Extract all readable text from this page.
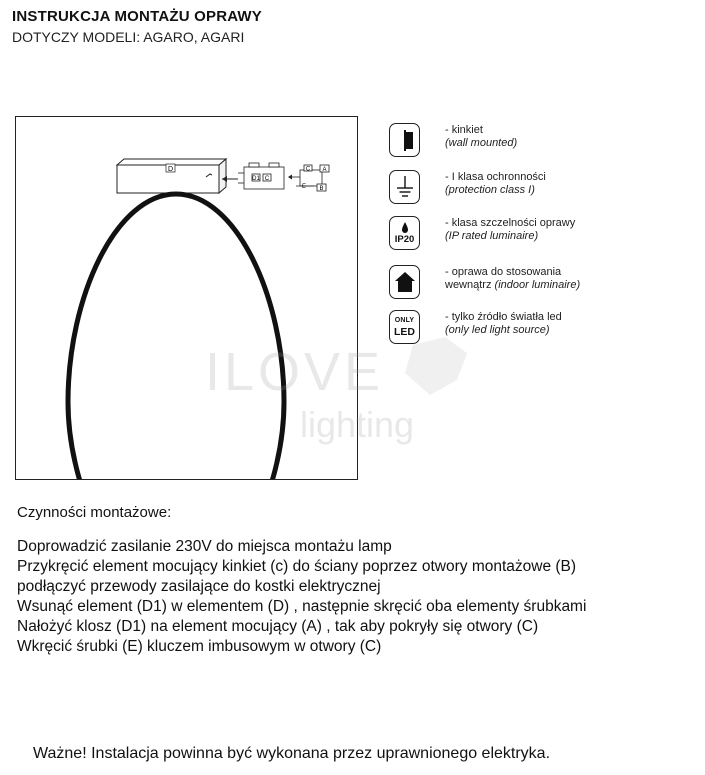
INSTRUKCJA MONTAŻU OPRAWY
DOTYCZY MODELI: AGARO, AGARI
D
D1 C
C A
B
E
ILOVE
lighting
- kinkiet
(wall mounted)
- I klasa ochronności
(protection class I)
IP20
- klasa szczelności oprawy
(IP rated luminaire)
- oprawa do stosowania
wewnątrz (indoor luminaire)
ONLY
LED
- tylko źródło światła led
(only led light source)
Czynności montażowe:
Doprowadzić zasilanie 230V do miejsca montażu lamp
Przykręcić element mocujący kinkiet (c) do ściany poprzez otwory montażowe (B)
podłączyć przewody zasilające do kostki elektrycznej
Wsunąć element (D1) w elementem (D) , następnie skręcić oba elementy śrubkami
Nałożyć klosz (D1) na element mocujący (A) , tak aby pokryły się otwory (C)
Wkręcić śrubki (E) kluczem imbusowym w otwory (C)
Ważne! Instalacja powinna być wykonana przez uprawnionego elektryka.
